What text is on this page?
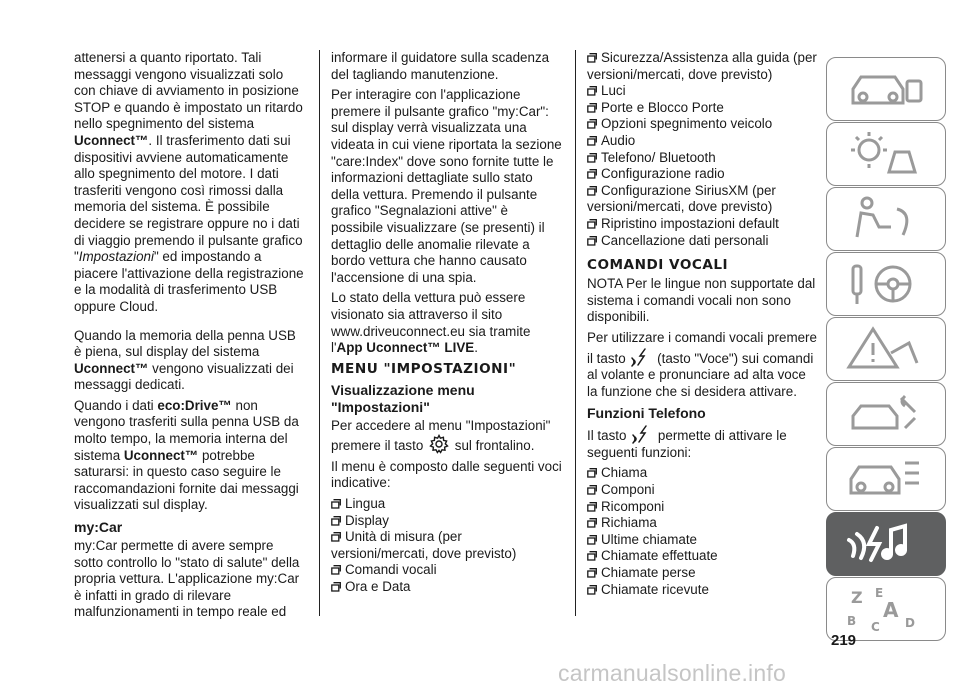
attenersi a quanto riportato. Tali messaggi vengono visualizzati solo con chiave di avviamento in posizione STOP e quando è impostato un ritardo nello spegnimento del sistema Uconnect™. Il trasferimento dati sui dispositivi avviene automaticamente allo spegnimento del motore. I dati trasferiti vengono così rimossi dalla memoria del sistema. È possibile decidere se registrare oppure no i dati di viaggio premendo il pulsante grafico "Impostazioni" ed impostando a piacere l'attivazione della registrazione e la modalità di trasferimento USB oppure Cloud.

Quando la memoria della penna USB è piena, sul display del sistema Uconnect™ vengono visualizzati dei messaggi dedicati.

Quando i dati eco:Drive™ non vengono trasferiti sulla penna USB da molto tempo, la memoria interna del sistema Uconnect™ potrebbe saturarsi: in questo caso seguire le raccomandazioni fornite dai messaggi visualizzati sul display.

my:Car

my:Car permette di avere sempre sotto controllo lo "stato di salute" della propria vettura. L'applicazione my:Car è infatti in grado di rilevare malfunzionamenti in tempo reale ed

informare il guidatore sulla scadenza del tagliando manutenzione.

Per interagire con l'applicazione premere il pulsante grafico "my:Car": sul display verrà visualizzata una videata in cui viene riportata la sezione "care:Index" dove sono fornite tutte le informazioni dettagliate sullo stato della vettura. Premendo il pulsante grafico "Segnalazioni attive" è possibile visualizzare (se presenti) il dettaglio delle anomalie rilevate a bordo vettura che hanno causato l'accensione di una spia.

Lo stato della vettura può essere visionato sia attraverso il sito www.driveuconnect.eu sia tramite l'App Uconnect™ LIVE.

MENU "IMPOSTAZIONI"
Visualizzazione menu "Impostazioni"

Per accedere al menu "Impostazioni" premere il tasto sul frontalino.

Il menu è composto dalle seguenti voci indicative:

Lingua
Display
Unità di misura (per versioni/mercati, dove previsto)
Comandi vocali
Ora e Data
Sicurezza/Assistenza alla guida (per versioni/mercati, dove previsto)
Luci
Porte e Blocco Porte
Opzioni spegnimento veicolo
Audio
Telefono/ Bluetooth
Configurazione radio
Configurazione SiriusXM (per versioni/mercati, dove previsto)
Ripristino impostazioni default
Cancellazione dati personali
COMANDI VOCALI

NOTA Per le lingue non supportate dal sistema i comandi vocali non sono disponibili.

Per utilizzare i comandi vocali premere il tasto (tasto "Voce") sui comandi al volante e pronunciare ad alta voce la funzione che si desidera attivare.

Funzioni Telefono

Il tasto permette di attivare le seguenti funzioni:

Chiama
Componi
Ricomponi
Richiama
Ultime chiamate
Chiamate effettuate
Chiamate perse
Chiamate ricevute	Z E
B C
A
D
219
carmanualsonline.info
